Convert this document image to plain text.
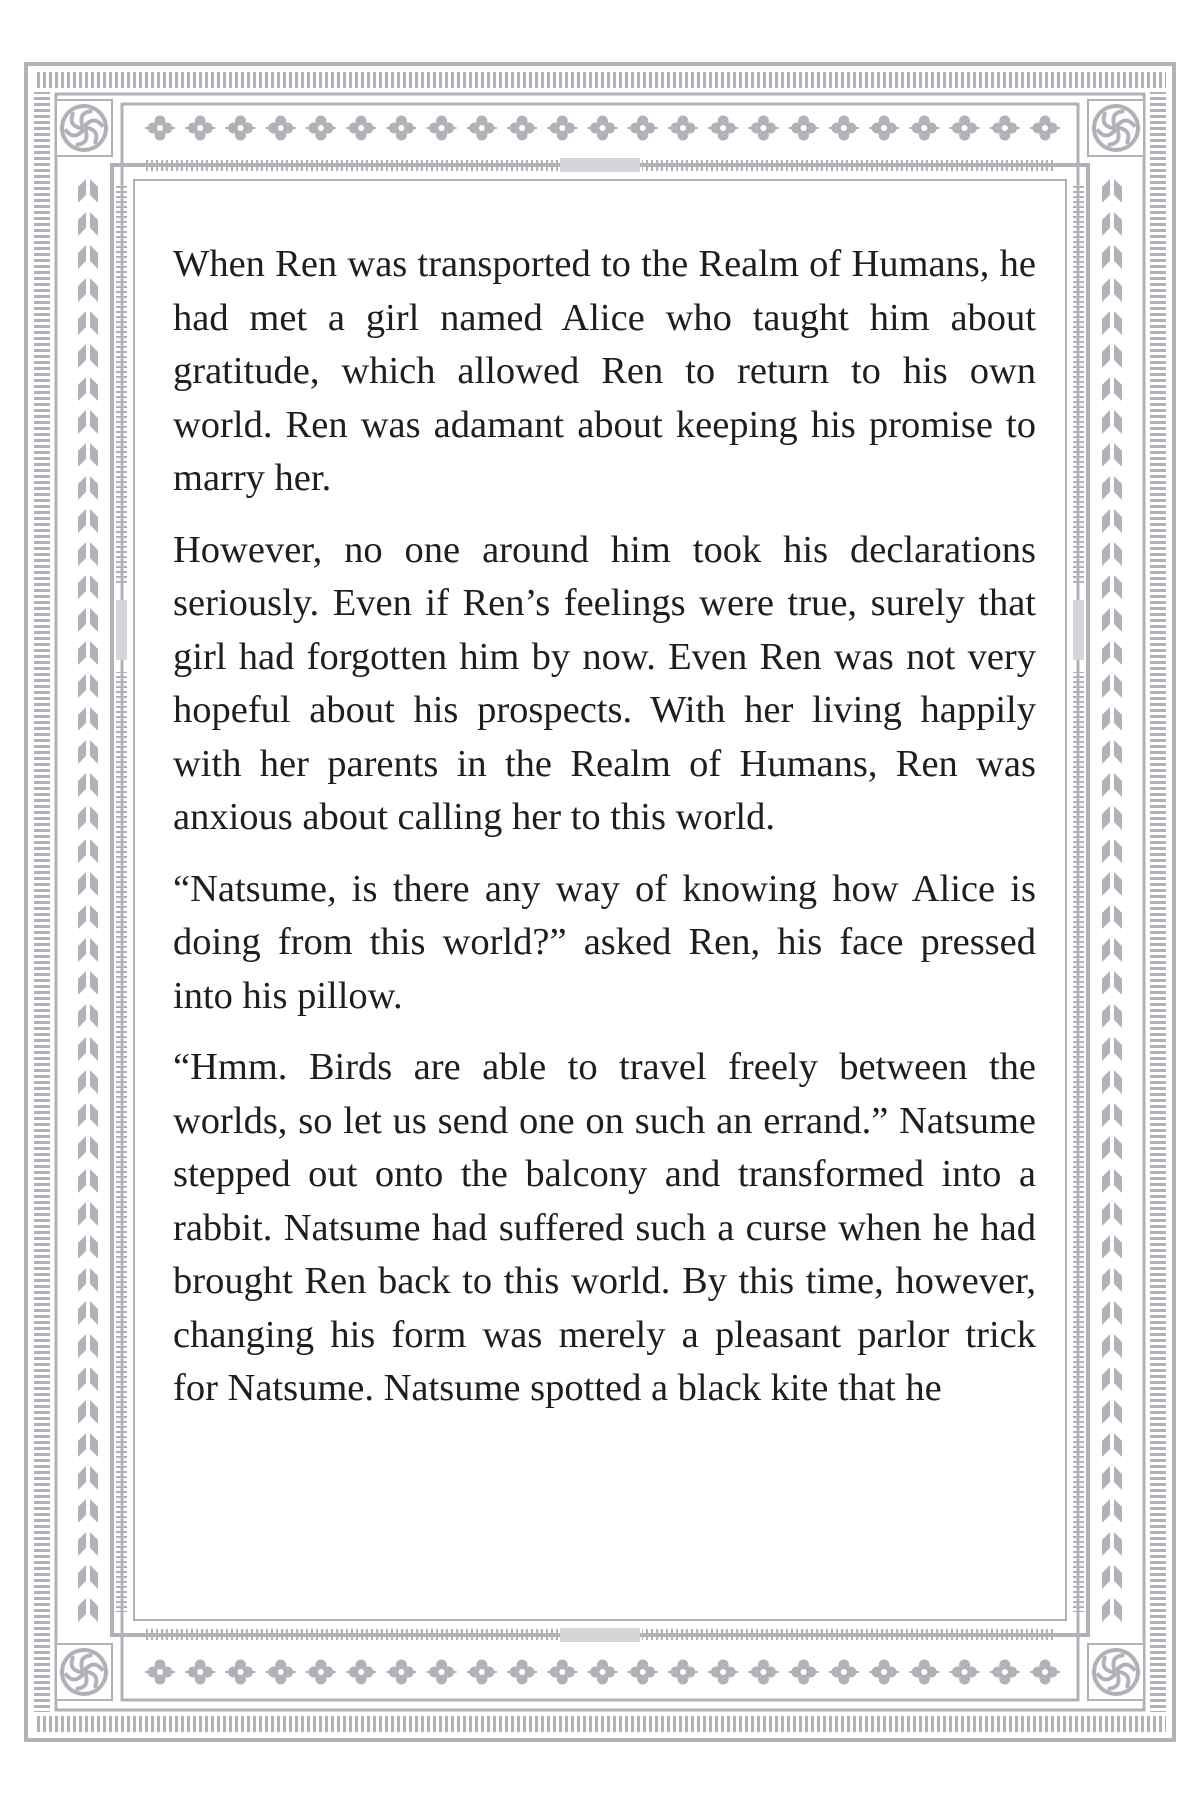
When Ren was transported to the Realm of Humans, he had met a girl named Alice who taught him about gratitude, which allowed Ren to return to his own world. Ren was adamant about keeping his promise to marry her.

However, no one around him took his declarations seriously. Even if Ren’s feelings were true, surely that girl had forgotten him by now. Even Ren was not very hopeful about his prospects. With her living happily with her parents in the Realm of Humans, Ren was anxious about calling her to this world.

“Natsume, is there any way of knowing how Alice is doing from this world?” asked Ren, his face pressed into his pillow.

“Hmm. Birds are able to travel freely between the worlds, so let us send one on such an errand.” Natsume stepped out onto the balcony and transformed into a rabbit. Natsume had suffered such a curse when he had brought Ren back to this world. By this time, however, changing his form was merely a pleasant parlor trick for Natsume. Natsume spotted a black kite that he
